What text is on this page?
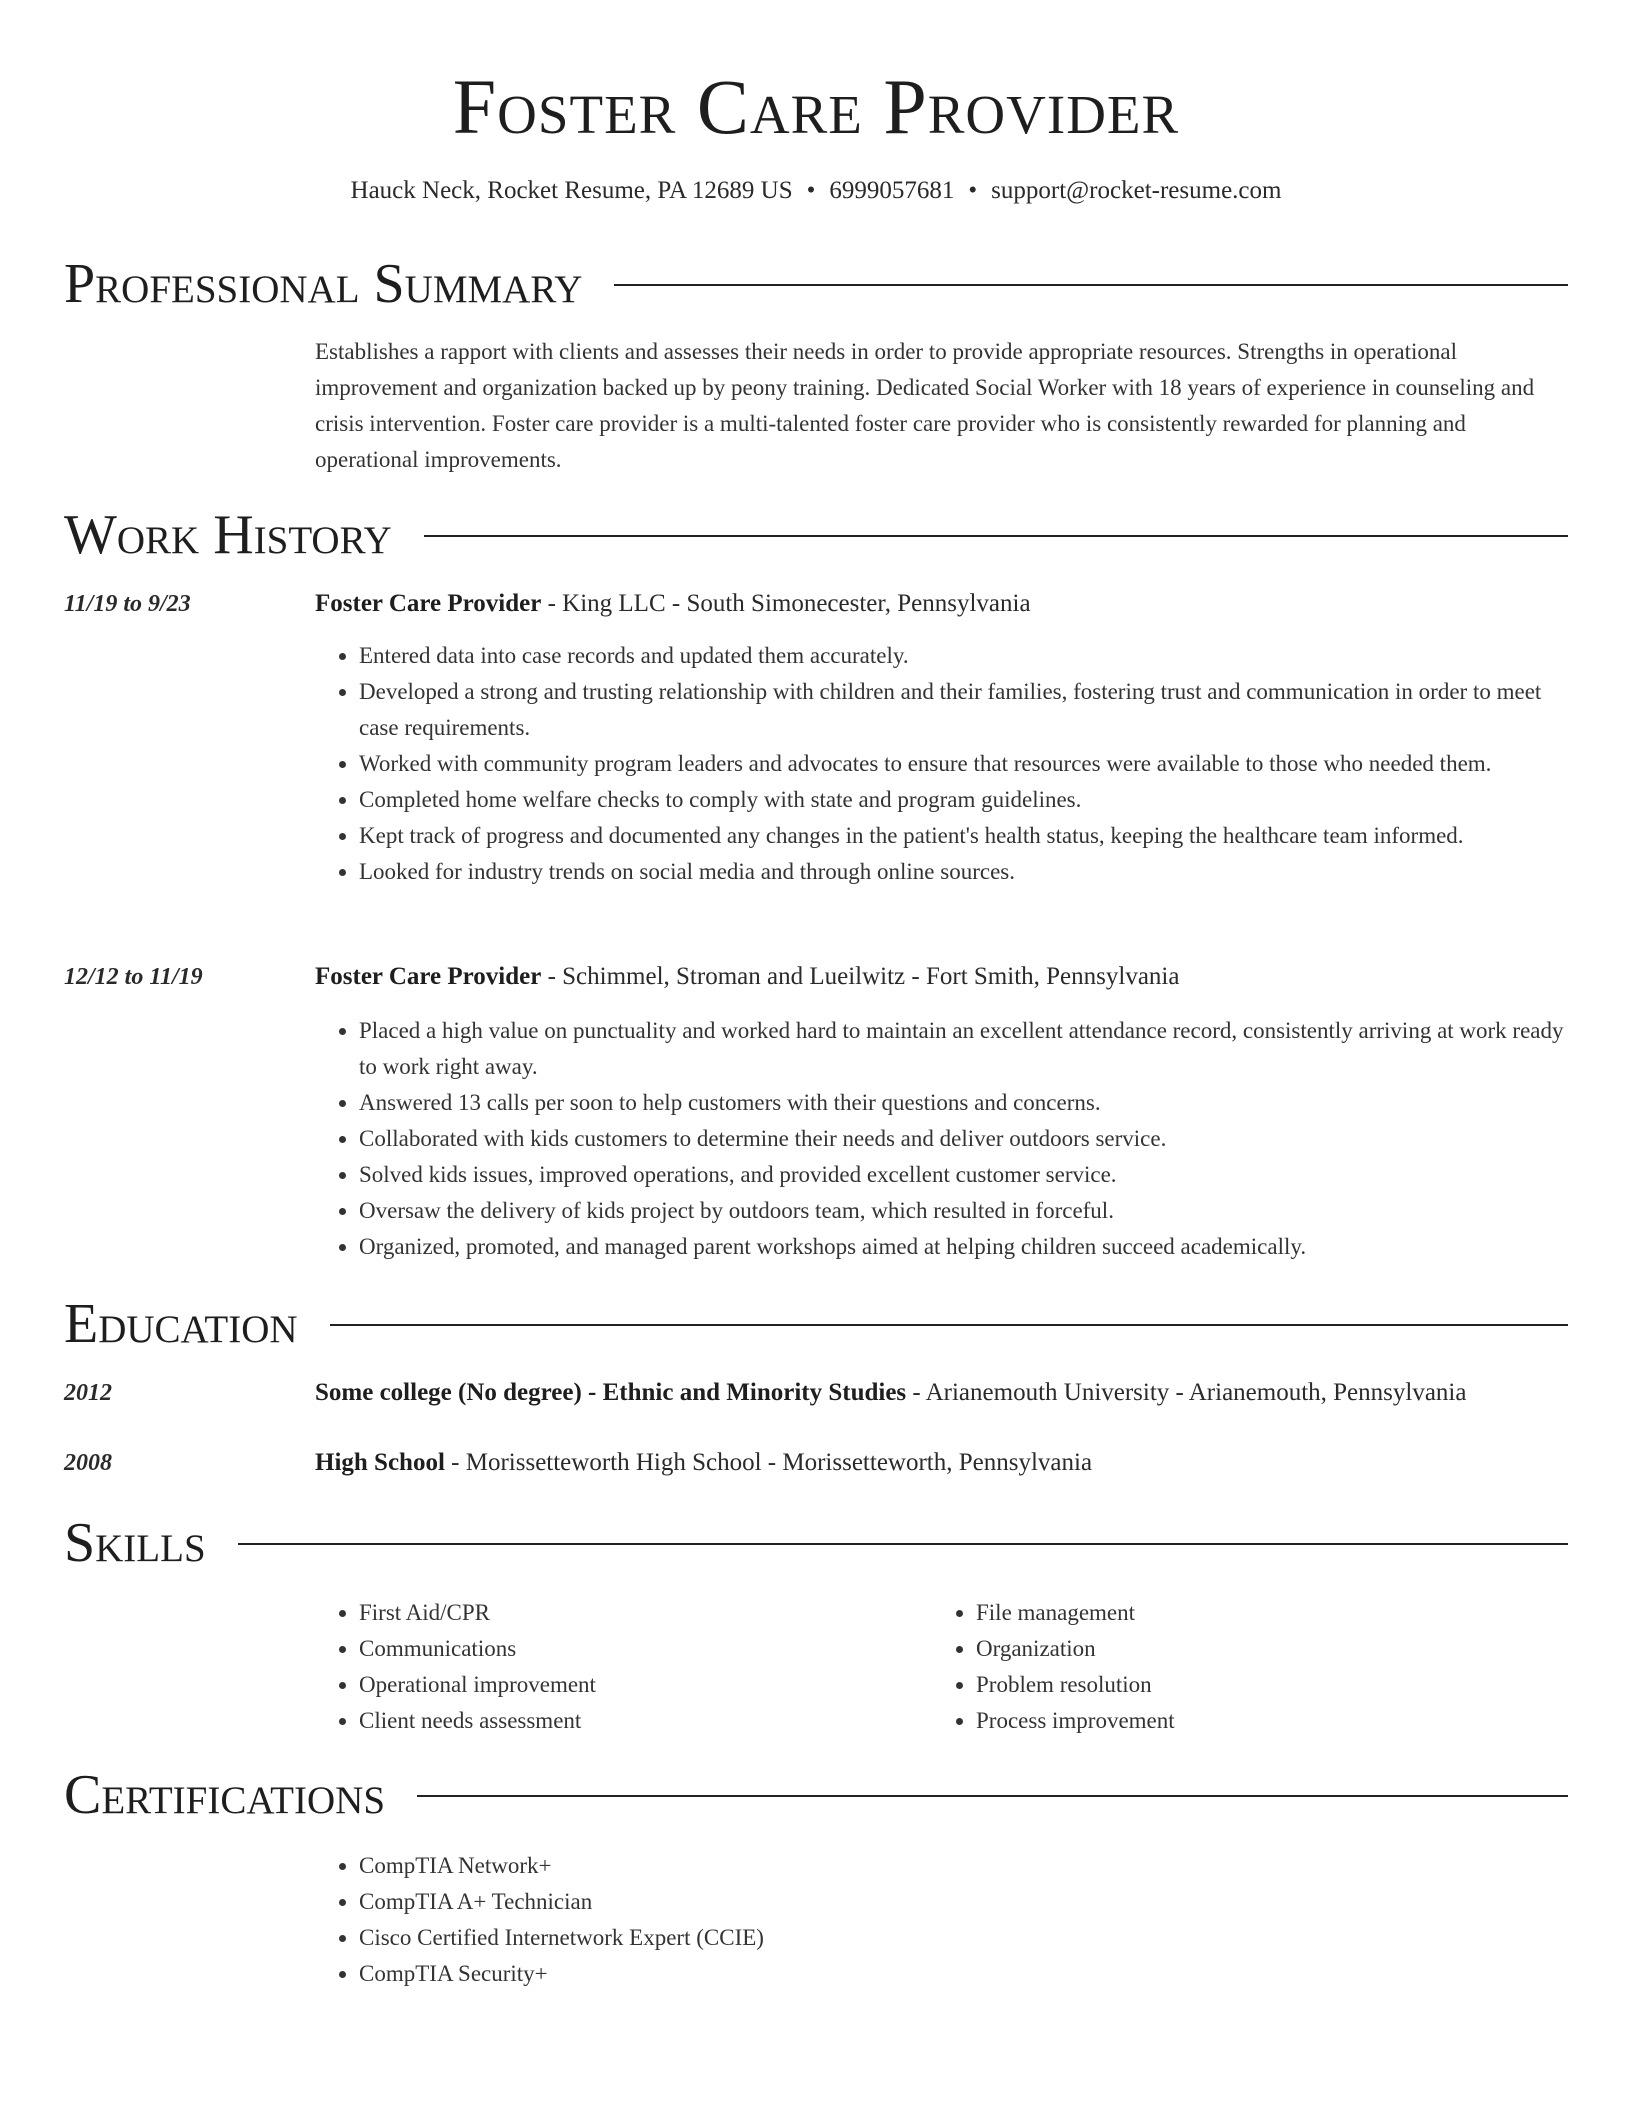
Foster Care Provider
Hauck Neck, Rocket Resume, PA 12689 US • 6999057681 • support@rocket-resume.com
Professional Summary
Establishes a rapport with clients and assesses their needs in order to provide appropriate resources. Strengths in operational improvement and organization backed up by peony training. Dedicated Social Worker with 18 years of experience in counseling and crisis intervention. Foster care provider is a multi-talented foster care provider who is consistently rewarded for planning and operational improvements.
Work History
11/19 to 9/23	Foster Care Provider - King LLC - South Simonecester, Pennsylvania
• Entered data into case records and updated them accurately.
• Developed a strong and trusting relationship with children and their families, fostering trust and communication in order to meet case requirements.
• Worked with community program leaders and advocates to ensure that resources were available to those who needed them.
• Completed home welfare checks to comply with state and program guidelines.
• Kept track of progress and documented any changes in the patient's health status, keeping the healthcare team informed.
• Looked for industry trends on social media and through online sources.
12/12 to 11/19	Foster Care Provider - Schimmel, Stroman and Lueilwitz - Fort Smith, Pennsylvania
• Placed a high value on punctuality and worked hard to maintain an excellent attendance record, consistently arriving at work ready to work right away.
• Answered 13 calls per soon to help customers with their questions and concerns.
• Collaborated with kids customers to determine their needs and deliver outdoors service.
• Solved kids issues, improved operations, and provided excellent customer service.
• Oversaw the delivery of kids project by outdoors team, which resulted in forceful.
• Organized, promoted, and managed parent workshops aimed at helping children succeed academically.
Education
2012	Some college (No degree) - Ethnic and Minority Studies - Arianemouth University - Arianemouth, Pennsylvania
2008	High School - Morissetteworth High School - Morissetteworth, Pennsylvania
Skills
• First Aid/CPR
• Communications
• Operational improvement
• Client needs assessment
• File management
• Organization
• Problem resolution
• Process improvement
Certifications
• CompTIA Network+
• CompTIA A+ Technician
• Cisco Certified Internetwork Expert (CCIE)
• CompTIA Security+
